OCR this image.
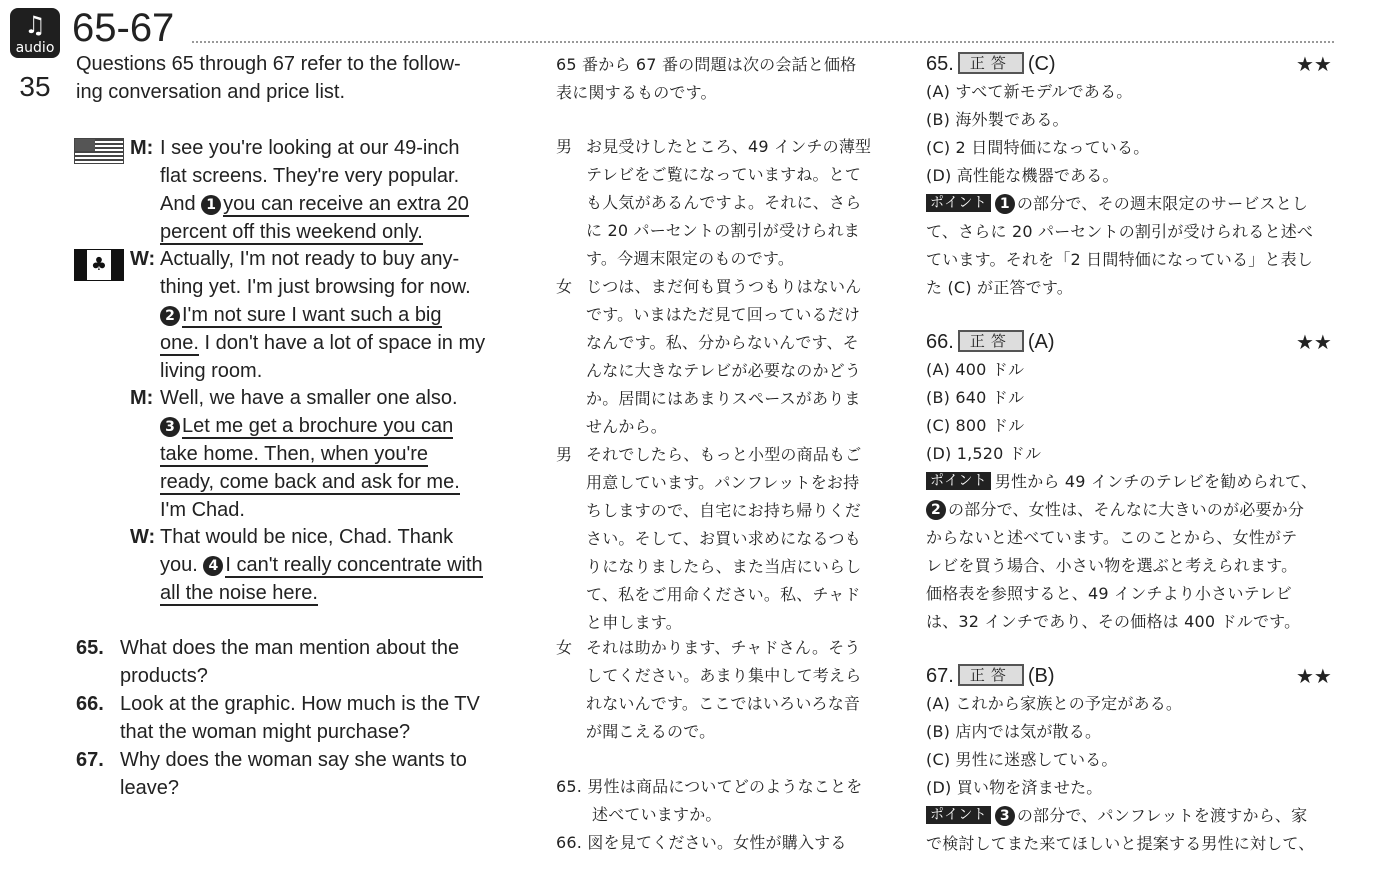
♫
audio
35
65-67
Questions 65 through 67 refer to the follow-
ing conversation and price list.
♣
M: I see you're looking at our 49-inch
flat screens. They're very popular.
And 1 you can receive an extra 20
percent off this weekend only.
W: Actually, I'm not ready to buy any-
thing yet. I'm just browsing for now.
2 I'm not sure I want such a big
one. I don't have a lot of space in my
living room.
M: Well, we have a smaller one also.
3 Let me get a brochure you can
take home. Then, when you're
ready, come back and ask for me.
I'm Chad.
W: That would be nice, Chad. Thank
you. 4 I can't really concentrate with
all the noise here.
65. What does the man mention about the
products?
66. Look at the graphic. How much is the TV
that the woman might purchase?
67. Why does the woman say she wants to
leave?
65 番から 67 番の問題は次の会話と価格
表に関するものです。
男 お見受けしたところ、49 インチの薄型
テレビをご覧になっていますね。とて
も人気があるんですよ。それに、さら
に 20 パーセントの割引が受けられま
す。今週末限定のものです。
女 じつは、まだ何も買うつもりはないん
です。いまはただ見て回っているだけ
なんです。私、分からないんです、そ
んなに大きなテレビが必要なのかどう
か。居間にはあまりスペースがありま
せんから。
男 それでしたら、もっと小型の商品もご
用意しています。パンフレットをお持
ちしますので、自宅にお持ち帰りくだ
さい。そして、お買い求めになるつも
りになりましたら、また当店にいらし
て、私をご用命ください。私、チャド
と申します。
女 それは助かります、チャドさん。そう
してください。あまり集中して考えら
れないんです。ここではいろいろな音
が聞こえるので。
65. 男性は商品についてどのようなことを
述べていますか。
66. 図を見てください。女性が購入する
65. 正答 (C)	★★
(A) すべて新モデルである。
(B) 海外製である。
(C) 2 日間特価になっている。
(D) 高性能な機器である。
ポイント 1 の部分で、その週末限定のサービスとし
て、さらに 20 パーセントの割引が受けられると述べ
ています。それを「2 日間特価になっている」と表し
た (C) が正答です。
66. 正答 (A)	★★
(A) 400 ドル
(B) 640 ドル
(C) 800 ドル
(D) 1,520 ドル
ポイント 男性から 49 インチのテレビを勧められて、
2 の部分で、女性は、そんなに大きいのが必要か分
からないと述べています。このことから、女性がテ
レビを買う場合、小さい物を選ぶと考えられます。
価格表を参照すると、49 インチより小さいテレビ
は、32 インチであり、その価格は 400 ドルです。
67. 正答 (B)	★★
(A) これから家族との予定がある。
(B) 店内では気が散る。
(C) 男性に迷惑している。
(D) 買い物を済ませた。
ポイント 3 の部分で、パンフレットを渡すから、家
で検討してまた来てほしいと提案する男性に対して、
